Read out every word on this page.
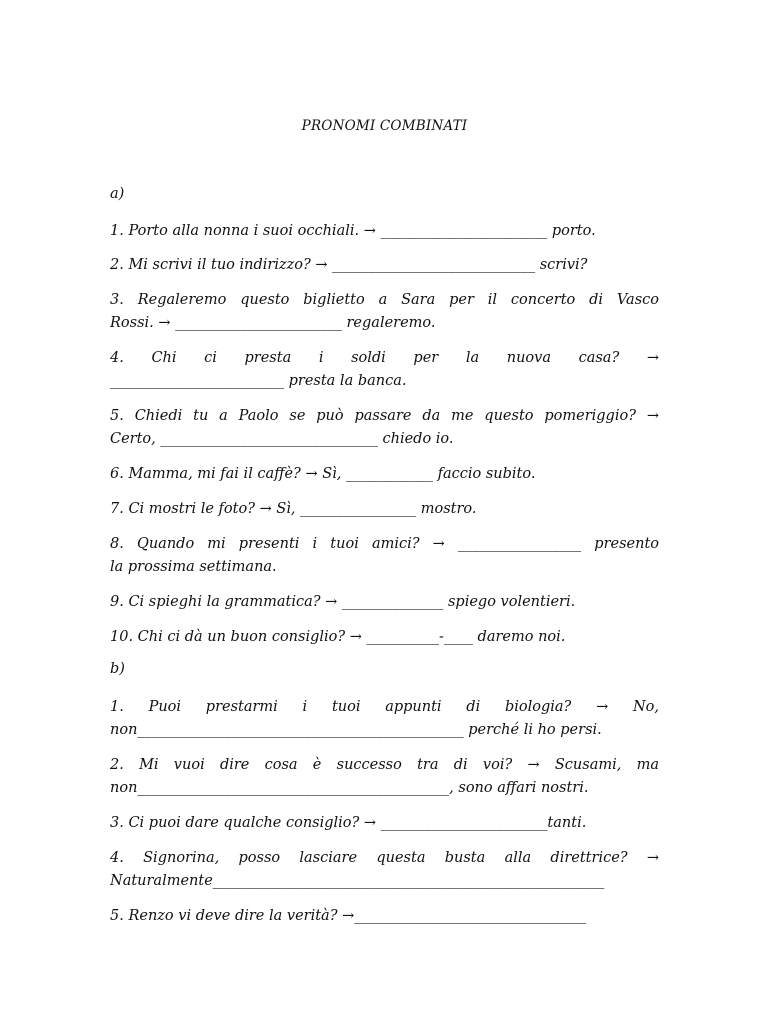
PRONOMI COMBINATI
a)
1. Porto alla nonna i suoi occhiali. → _______________________ porto.
2. Mi scrivi il tuo indirizzo? → ____________________________ scrivi?
3. Regaleremo questo biglietto a Sara per il concerto di Vasco
Rossi. → _______________________ regaleremo.
4. Chi ci presta i soldi per la nuova casa? →
________________________ presta la banca.
5. Chiedi tu a Paolo se può passare da me questo pomeriggio? →
Certo, ______________________________ chiedo io.
6. Mamma, mi fai il caffè? → Sì, ____________ faccio subito.
7. Ci mostri le foto? → Sì, ________________ mostro.
8. Quando mi presenti i tuoi amici? → _________________ presento
la prossima settimana.
9. Ci spieghi la grammatica? → ______________ spiego volentieri.
10. Chi ci dà un buon consiglio? → __________-____ daremo noi.
b)
1. Puoi prestarmi i tuoi appunti di biologia? → No,
non_____________________________________________ perché li ho persi.
2. Mi vuoi dire cosa è successo tra di voi? → Scusami, ma
non___________________________________________, sono affari nostri.
3. Ci puoi dare qualche consiglio? → _______________________tanti.
4. Signorina, posso lasciare questa busta alla direttrice? →
Naturalmente______________________________________________________
5. Renzo vi deve dire la verità? →________________________________
